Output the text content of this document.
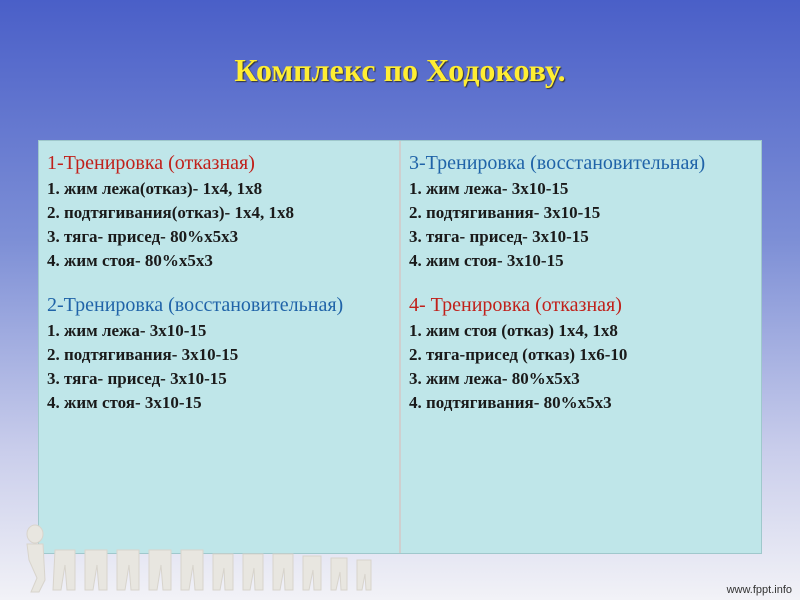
Комплекс по Ходокову.
1-Тренировка (отказная)
1. жим лежа(отказ)- 1х4, 1х8
2. подтягивания(отказ)- 1х4, 1х8
3. тяга- присед- 80%х5х3
4. жим стоя- 80%х5х3
2-Тренировка (восстановительная)
1. жим лежа- 3х10-15
2. подтягивания- 3х10-15
3. тяга- присед- 3х10-15
4. жим стоя- 3х10-15
3-Тренировка (восстановительная)
1. жим лежа- 3х10-15
2. подтягивания- 3х10-15
3. тяга- присед- 3х10-15
4. жим стоя- 3х10-15
4- Тренировка (отказная)
1. жим стоя (отказ) 1х4, 1х8
2. тяга-присед (отказ) 1х6-10
3. жим лежа- 80%х5х3
4. подтягивания- 80%х5х3
www.fppt.info
